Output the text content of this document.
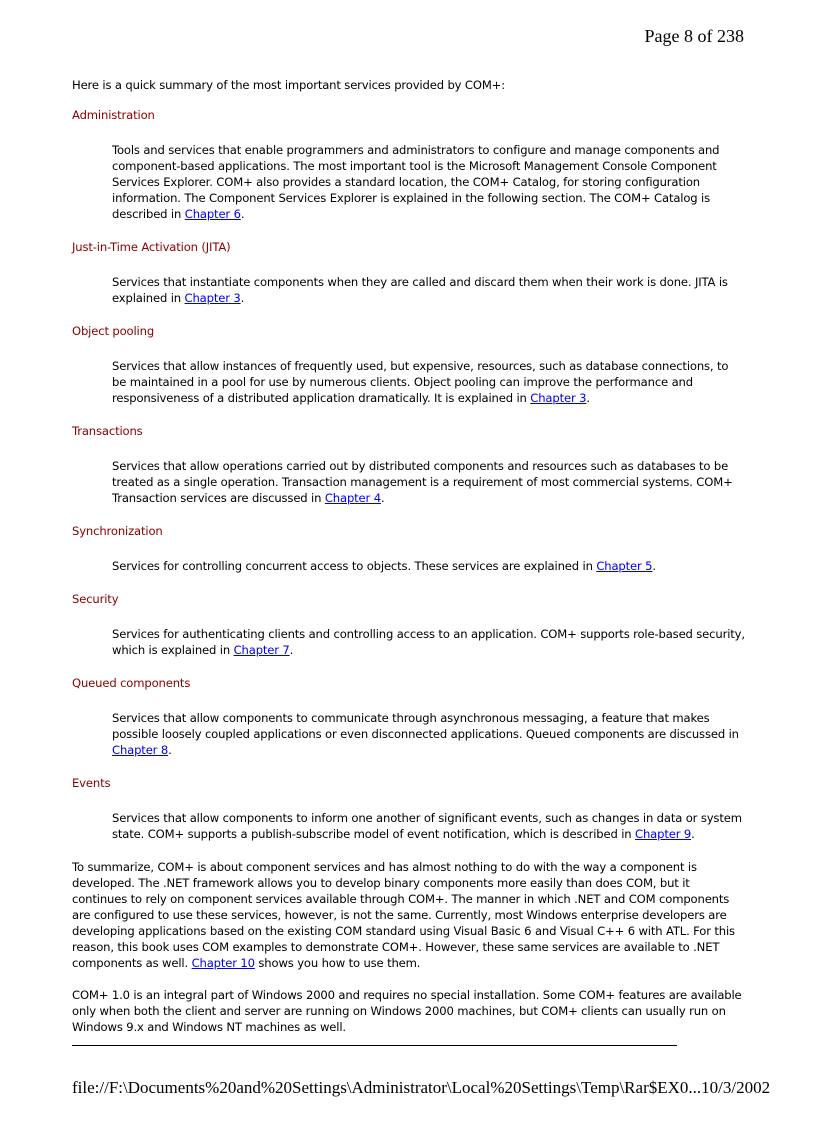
Page 8 of 238

Here is a quick summary of the most important services provided by COM+:

Administration

Tools and services that enable programmers and administrators to configure and manage components and component-based applications. The most important tool is the Microsoft Management Console Component Services Explorer. COM+ also provides a standard location, the COM+ Catalog, for storing configuration information. The Component Services Explorer is explained in the following section. The COM+ Catalog is described in Chapter 6.

Just-in-Time Activation (JITA)

Services that instantiate components when they are called and discard them when their work is done. JITA is explained in Chapter 3.

Object pooling

Services that allow instances of frequently used, but expensive, resources, such as database connections, to be maintained in a pool for use by numerous clients. Object pooling can improve the performance and responsiveness of a distributed application dramatically. It is explained in Chapter 3.

Transactions

Services that allow operations carried out by distributed components and resources such as databases to be treated as a single operation. Transaction management is a requirement of most commercial systems. COM+ Transaction services are discussed in Chapter 4.

Synchronization

Services for controlling concurrent access to objects. These services are explained in Chapter 5.

Security

Services for authenticating clients and controlling access to an application. COM+ supports role-based security, which is explained in Chapter 7.

Queued components

Services that allow components to communicate through asynchronous messaging, a feature that makes possible loosely coupled applications or even disconnected applications. Queued components are discussed in Chapter 8.

Events

Services that allow components to inform one another of significant events, such as changes in data or system state. COM+ supports a publish-subscribe model of event notification, which is described in Chapter 9.

To summarize, COM+ is about component services and has almost nothing to do with the way a component is developed. The .NET framework allows you to develop binary components more easily than does COM, but it continues to rely on component services available through COM+. The manner in which .NET and COM components are configured to use these services, however, is not the same. Currently, most Windows enterprise developers are developing applications based on the existing COM standard using Visual Basic 6 and Visual C++ 6 with ATL. For this reason, this book uses COM examples to demonstrate COM+. However, these same services are available to .NET components as well. Chapter 10 shows you how to use them.

COM+ 1.0 is an integral part of Windows 2000 and requires no special installation. Some COM+ features are available only when both the client and server are running on Windows 2000 machines, but COM+ clients can usually run on Windows 9.x and Windows NT machines as well.

file://F:\Documents%20and%20Settings\Administrator\Local%20Settings\Temp\Rar$EX0... 10/3/2002
